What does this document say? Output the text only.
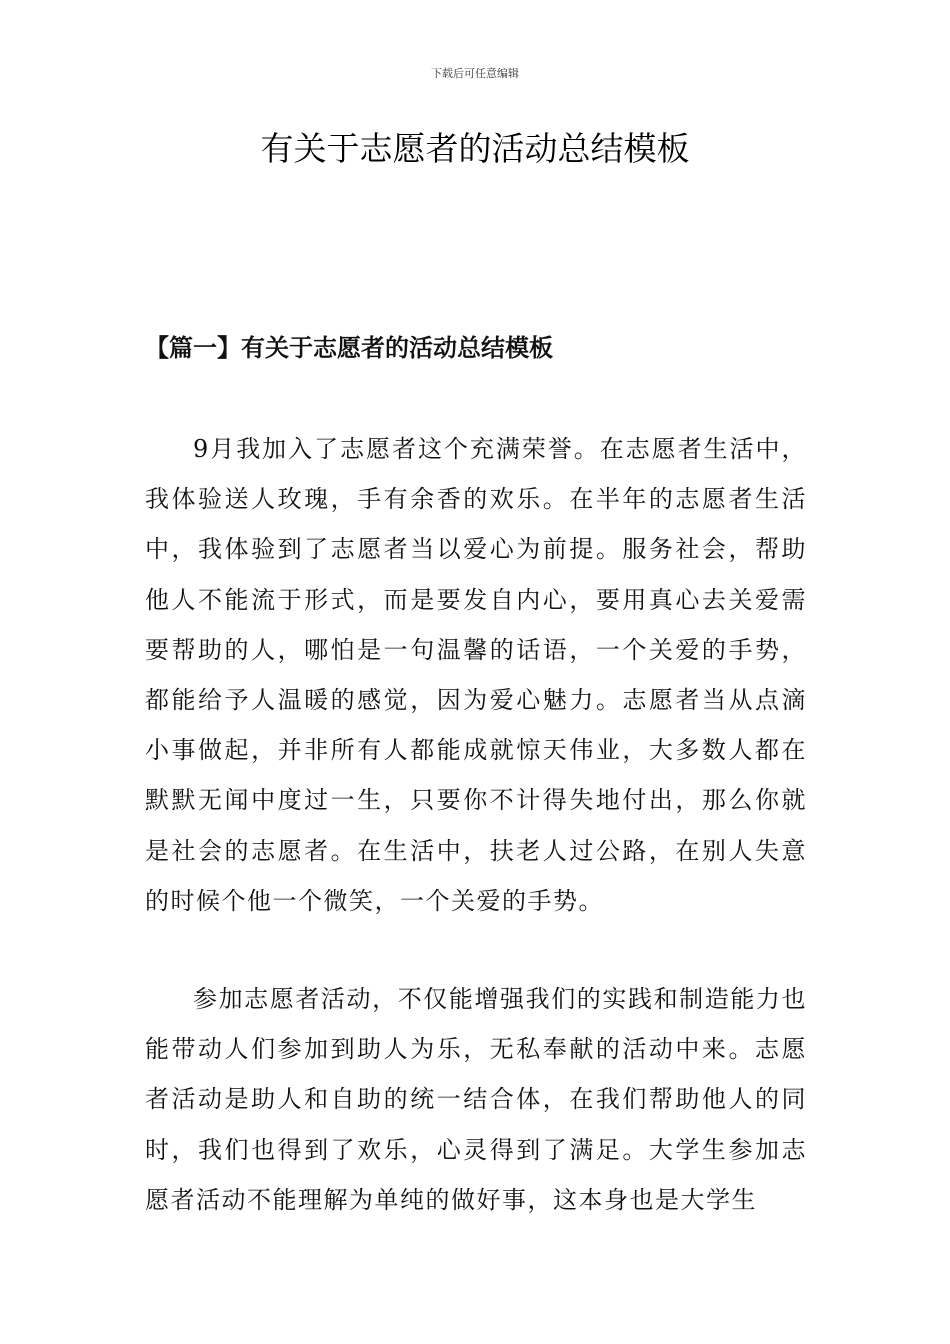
下载后可任意编辑
有关于志愿者的活动总结模板
【篇一】有关于志愿者的活动总结模板

9月我加入了志愿者这个充满荣誉。在志愿者生活中，我体验送人玫瑰，手有余香的欢乐。在半年的志愿者生活中，我体验到了志愿者当以爱心为前提。服务社会，帮助他人不能流于形式，而是要发自内心，要用真心去关爱需要帮助的人，哪怕是一句温馨的话语，一个关爱的手势，都能给予人温暖的感觉，因为爱心魅力。志愿者当从点滴小事做起，并非所有人都能成就惊天伟业，大多数人都在默默无闻中度过一生，只要你不计得失地付出，那么你就是社会的志愿者。在生活中，扶老人过公路，在别人失意的时候个他一个微笑，一个关爱的手势。

参加志愿者活动，不仅能增强我们的实践和制造能力也能带动人们参加到助人为乐，无私奉献的活动中来。志愿者活动是助人和自助的统一结合体，在我们帮助他人的同时，我们也得到了欢乐，心灵得到了满足。大学生参加志愿者活动不能理解为单纯的做好事，这本身也是大学生
